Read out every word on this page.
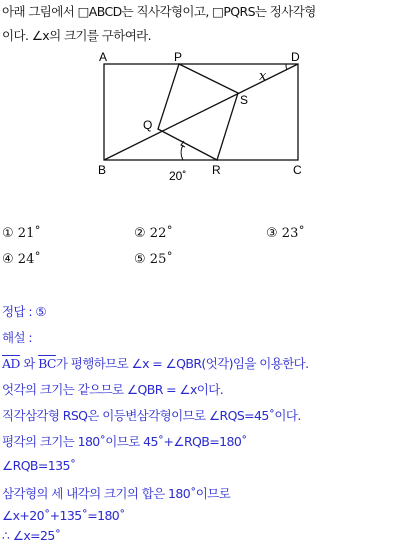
아래 그림에서 □ABCD는 직사각형이고, □PQRS는 정사각형
이다. ∠x의 크기를 구하여라.
A	P	D
Q
S
B	R	C
x
20˚
① 21˚	② 22˚	③ 23˚
④ 24˚	⑤ 25˚
정답 : ⑤
해설 :
$\overline{AD}$ 와 $\overline{BC}$가 평행하므로 ∠x = ∠QBR(엇각)임을 이용한다.
엇각의 크기는 같으므로 ∠QBR = ∠x이다.
직각삼각형 RSQ은 이등변삼각형이므로 ∠RQS=45˚이다.
평각의 크기는 180˚이므로 45˚+∠RQB=180˚
∠RQB=135˚
삼각형의 세 내각의 크기의 합은 180˚이므로
∠x+20˚+135˚=180˚
∴ ∠x=25˚
